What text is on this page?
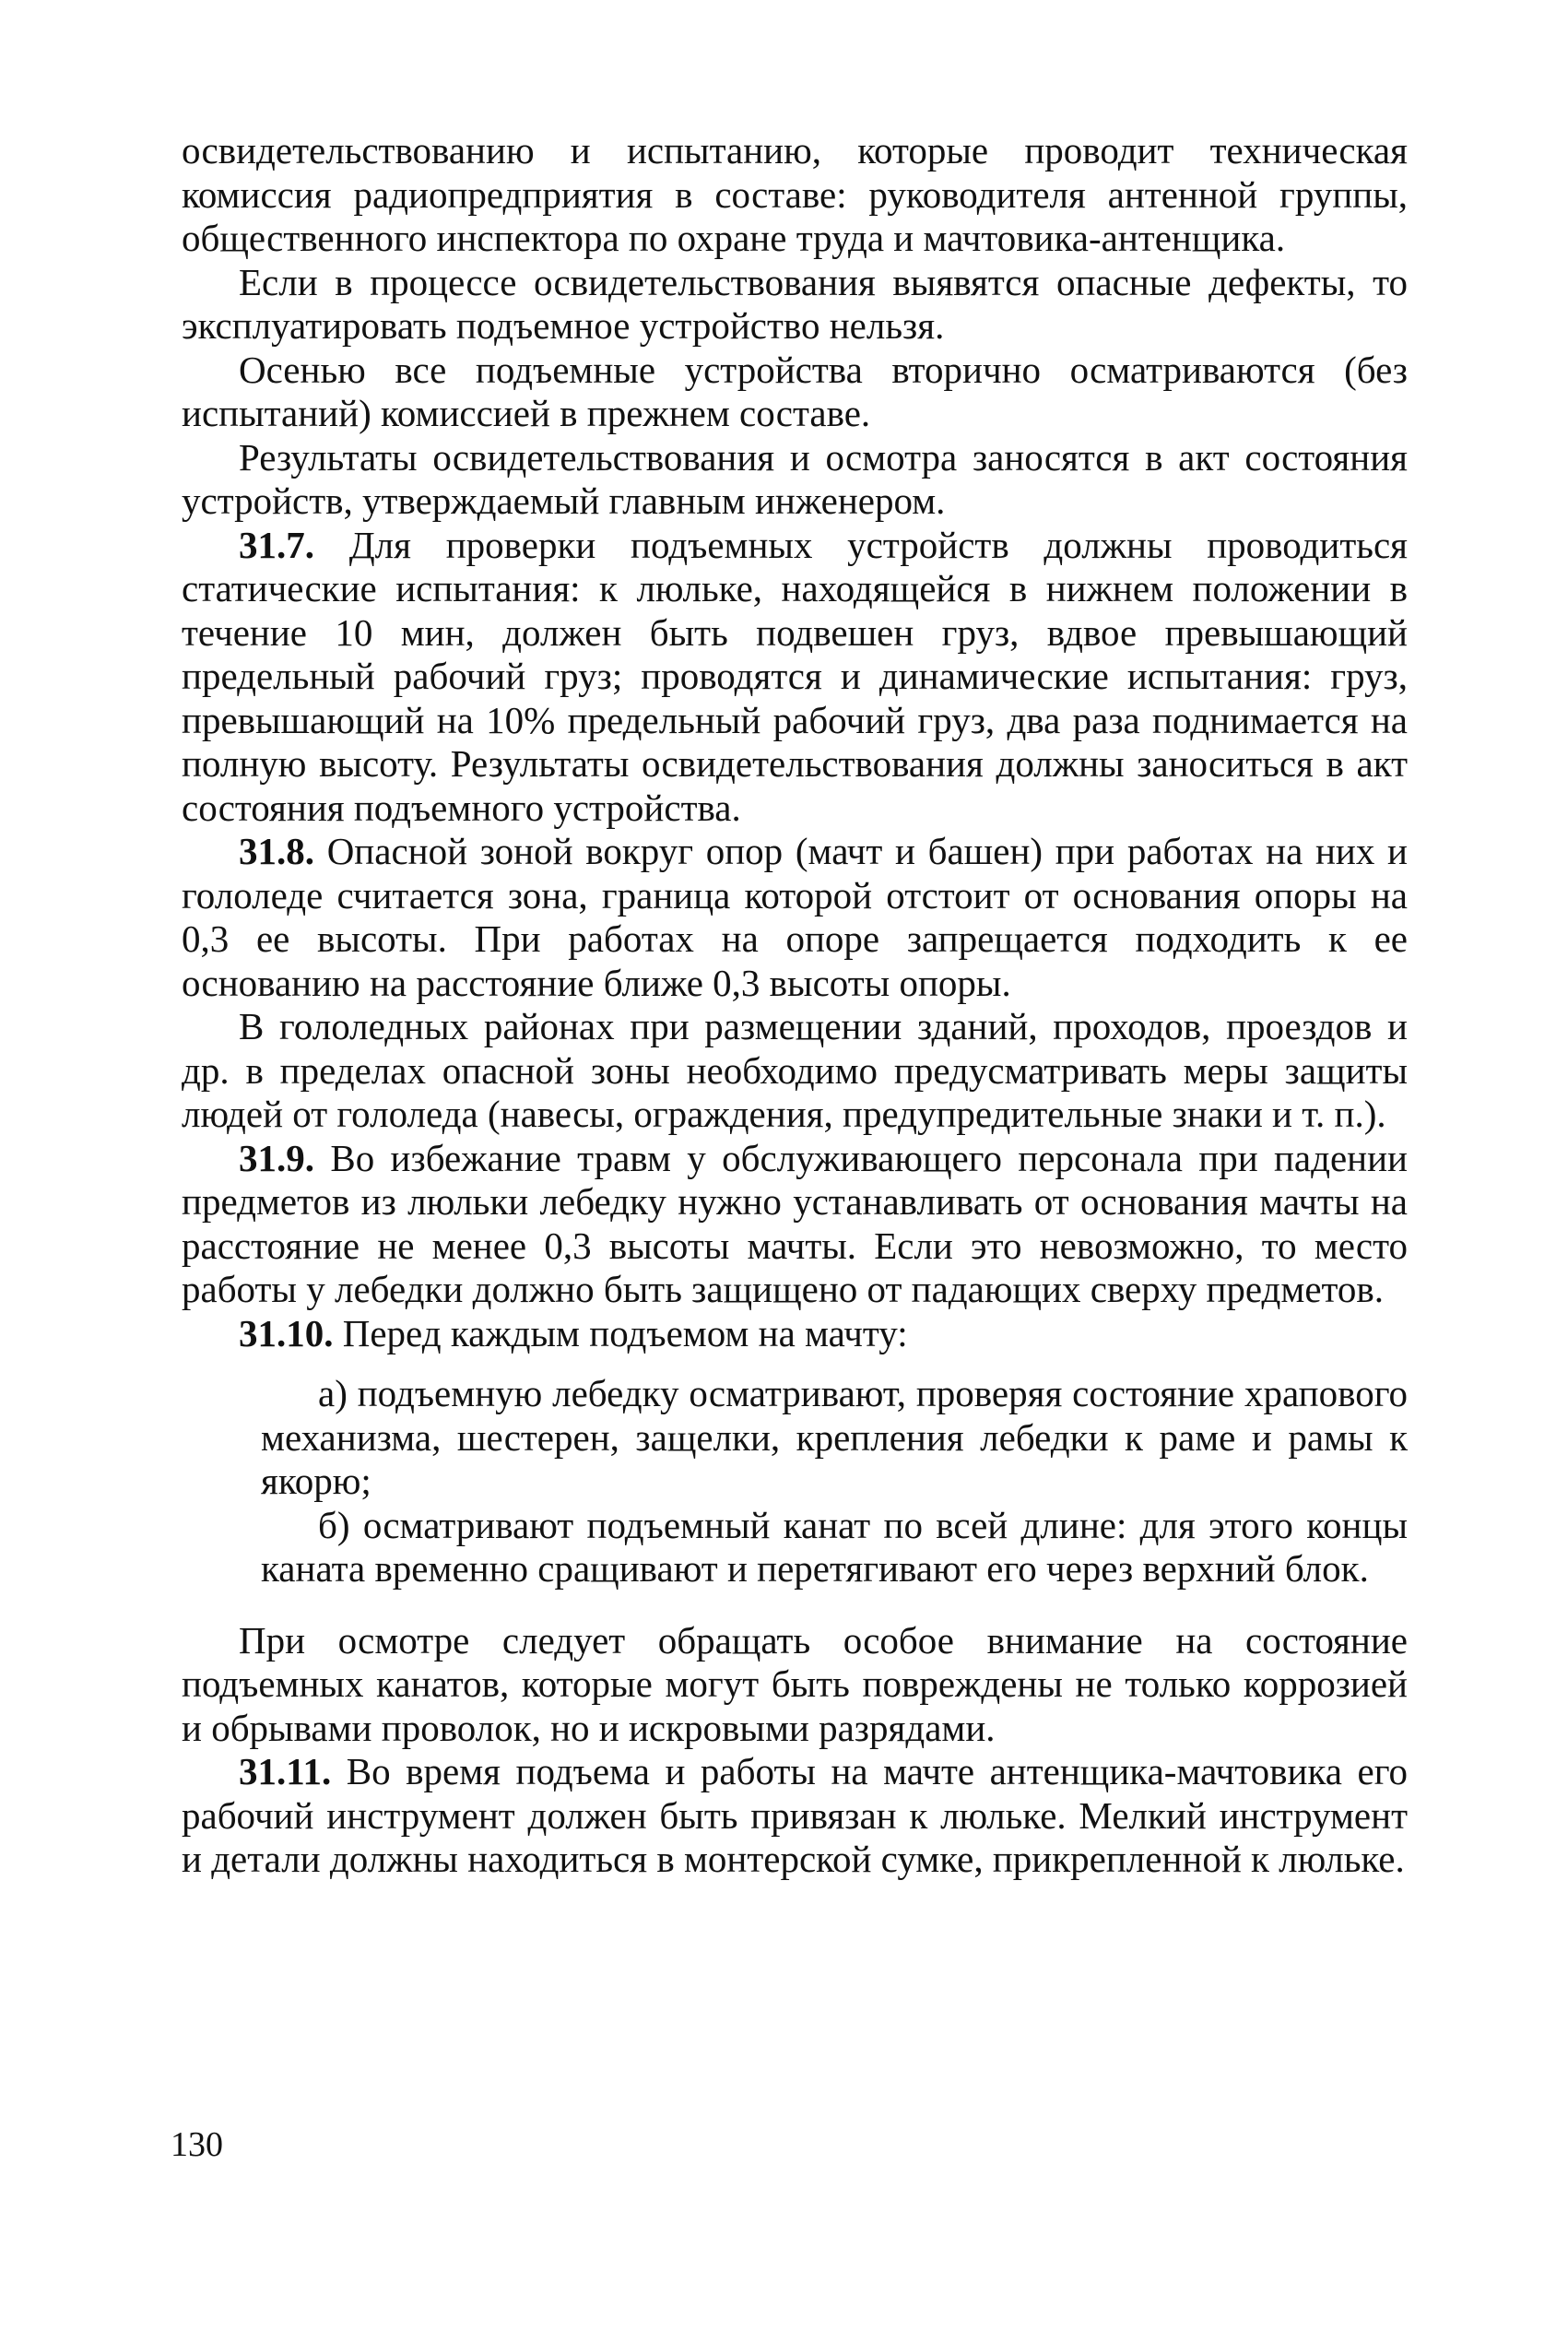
освидетельствованию и испытанию, которые проводит техническая комиссия радиопредприятия в составе: руководителя антенной группы, общественного инспектора по охране труда и мачтовика-антенщика.

Если в процессе освидетельствования выявятся опасные дефекты, то эксплуатировать подъемное устройство нельзя.

Осенью все подъемные устройства вторично осматриваются (без испытаний) комиссией в прежнем составе.

Результаты освидетельствования и осмотра заносятся в акт состояния устройств, утверждаемый главным инженером.

31.7. Для проверки подъемных устройств должны проводиться статические испытания: к люльке, находящейся в нижнем положении в течение 10 мин, должен быть подвешен груз, вдвое превышающий предельный рабочий груз; проводятся и динамические испытания: груз, превышающий на 10% предельный рабочий груз, два раза поднимается на полную высоту. Результаты освидетельствования должны заноситься в акт состояния подъемного устройства.

31.8. Опасной зоной вокруг опор (мачт и башен) при работах на них и гололеде считается зона, граница которой отстоит от основания опоры на 0,3 ее высоты. При работах на опоре запрещается подходить к ее основанию на расстояние ближе 0,3 высоты опоры.

В гололедных районах при размещении зданий, проходов, проездов и др. в пределах опасной зоны необходимо предусматривать меры защиты людей от гололеда (навесы, ограждения, предупредительные знаки и т. п.).

31.9. Во избежание травм у обслуживающего персонала при падении предметов из люльки лебедку нужно устанавливать от основания мачты на расстояние не менее 0,3 высоты мачты. Если это невозможно, то место работы у лебедки должно быть защищено от падающих сверху предметов.

31.10. Перед каждым подъемом на мачту:

а) подъемную лебедку осматривают, проверяя состояние храпового механизма, шестерен, защелки, крепления лебедки к раме и рамы к якорю;

б) осматривают подъемный канат по всей длине: для этого концы каната временно сращивают и перетягивают его через верхний блок.

При осмотре следует обращать особое внимание на состояние подъемных канатов, которые могут быть повреждены не только коррозией и обрывами проволок, но и искровыми разрядами.

31.11. Во время подъема и работы на мачте антенщика-мачтовика его рабочий инструмент должен быть привязан к люльке. Мелкий инструмент и детали должны находиться в монтерской сумке, прикрепленной к люльке.

130
